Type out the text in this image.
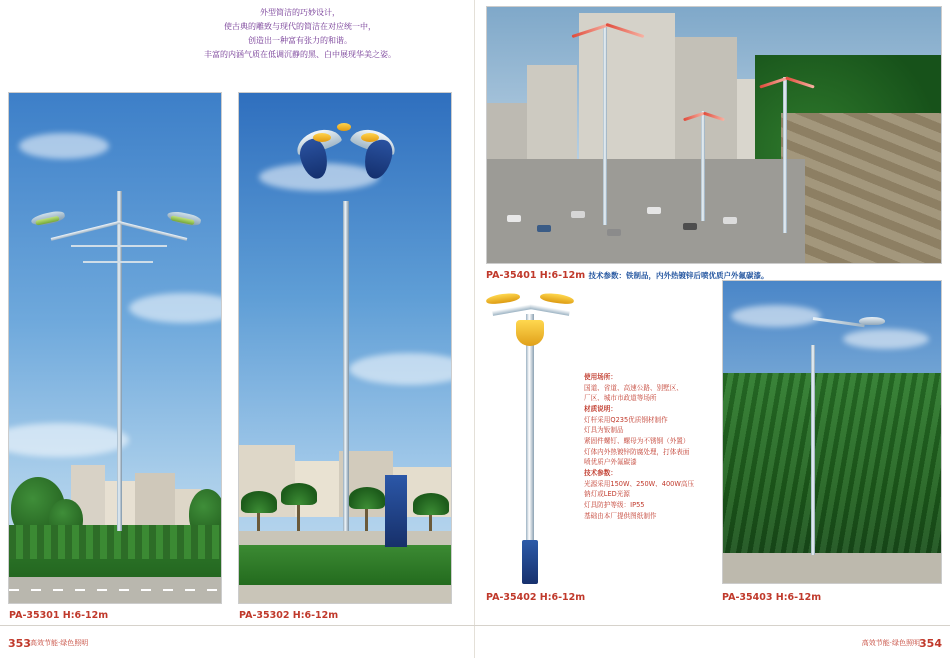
外型简洁的巧妙设计，
使古典的雕致与现代的简洁在对应统一中，
创造出一种富有张力的和谐。
丰富的内涵气质在低调沉静的黑、白中展现华美之姿。
PA-35301 H:6-12m	PA-35302 H:6-12m
PA-35401 H:6-12m 技术参数：铁制品，内外热镀锌后喷优质户外氟碳漆。
PA-35402 H:6-12m
使用场所：
国道、省道、高速公路、别墅区、
厂区、城市市政道等场所
材质说明：
灯杆采用Q235优质钢材制作
灯具为钣制品
紧固件螺钉、螺母为不锈钢（外置）
灯体内外热镀锌防腐处理，打体表面
喷优质户外氟碳漆
技术参数：
光源采用150W、250W、400W高压
钠灯或LED光源
灯具防护等级：IP55
基础由本厂提供图纸制作
PA-35403 H:6-12m
353 高效节能·绿色照明	354
高效节能·绿色照明
